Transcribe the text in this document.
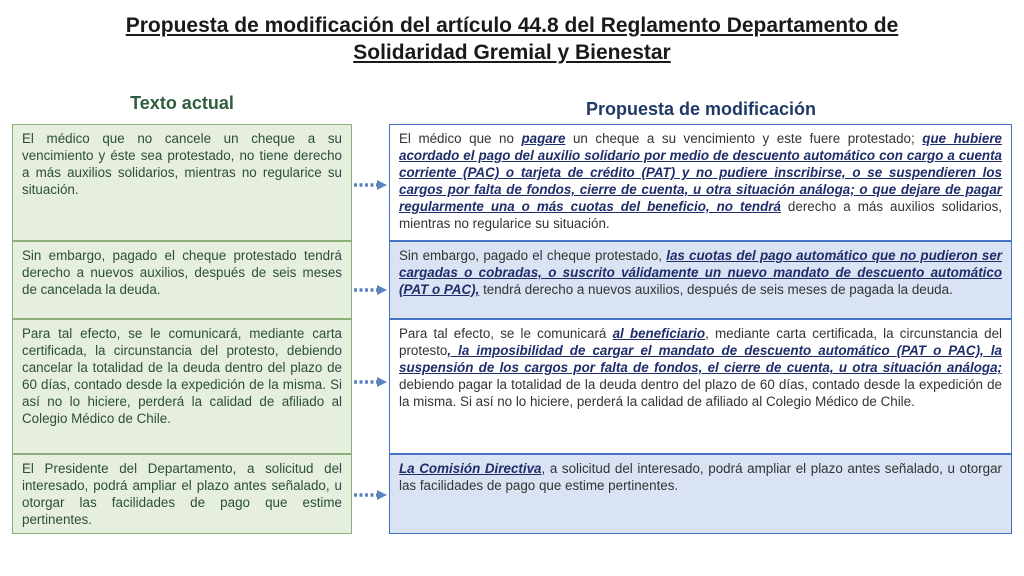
Propuesta de modificación del artículo 44.8 del Reglamento Departamento de
Solidaridad Gremial y Bienestar
Texto actual	Propuesta de modificación
El médico que no cancele un cheque a su vencimiento y éste sea protestado, no tiene derecho a más auxilios solidarios, mientras no regularice su situación.
Sin embargo, pagado el cheque protestado tendrá derecho a nuevos auxilios, después de seis meses de cancelada la deuda.
Para tal efecto, se le comunicará, mediante carta certificada, la circunstancia del protesto, debiendo cancelar la totalidad de la deuda dentro del plazo de 60 días, contado desde la expedición de la misma. Si así no lo hiciere, perderá la calidad de afiliado al Colegio Médico de Chile.
El Presidente del Departamento, a solicitud del interesado, podrá ampliar el plazo antes señalado, u otorgar las facilidades de pago que estime pertinentes.
El médico que no pagare un cheque a su vencimiento y este fuere protestado; que hubiere acordado el pago del auxilio solidario por medio de descuento automático con cargo a cuenta corriente (PAC) o tarjeta de crédito (PAT) y no pudiere inscribirse, o se suspendieren los cargos por falta de fondos, cierre de cuenta, u otra situación análoga; o que dejare de pagar regularmente una o más cuotas del beneficio, no tendrá derecho a más auxilios solidarios, mientras no regularice su situación.
Sin embargo, pagado el cheque protestado, las cuotas del pago automático que no pudieron ser cargadas o cobradas, o suscrito válidamente un nuevo mandato de descuento automático (PAT o PAC), tendrá derecho a nuevos auxilios, después de seis meses de pagada la deuda.
Para tal efecto, se le comunicará al beneficiario, mediante carta certificada, la circunstancia del protesto, la imposibilidad de cargar el mandato de descuento automático (PAT o PAC), la suspensión de los cargos por falta de fondos, el cierre de cuenta, u otra situación análoga; debiendo pagar la totalidad de la deuda dentro del plazo de 60 días, contado desde la expedición de la misma. Si así no lo hiciere, perderá la calidad de afiliado al Colegio Médico de Chile.
La Comisión Directiva, a solicitud del interesado, podrá ampliar el plazo antes señalado, u otorgar las facilidades de pago que estime pertinentes.
